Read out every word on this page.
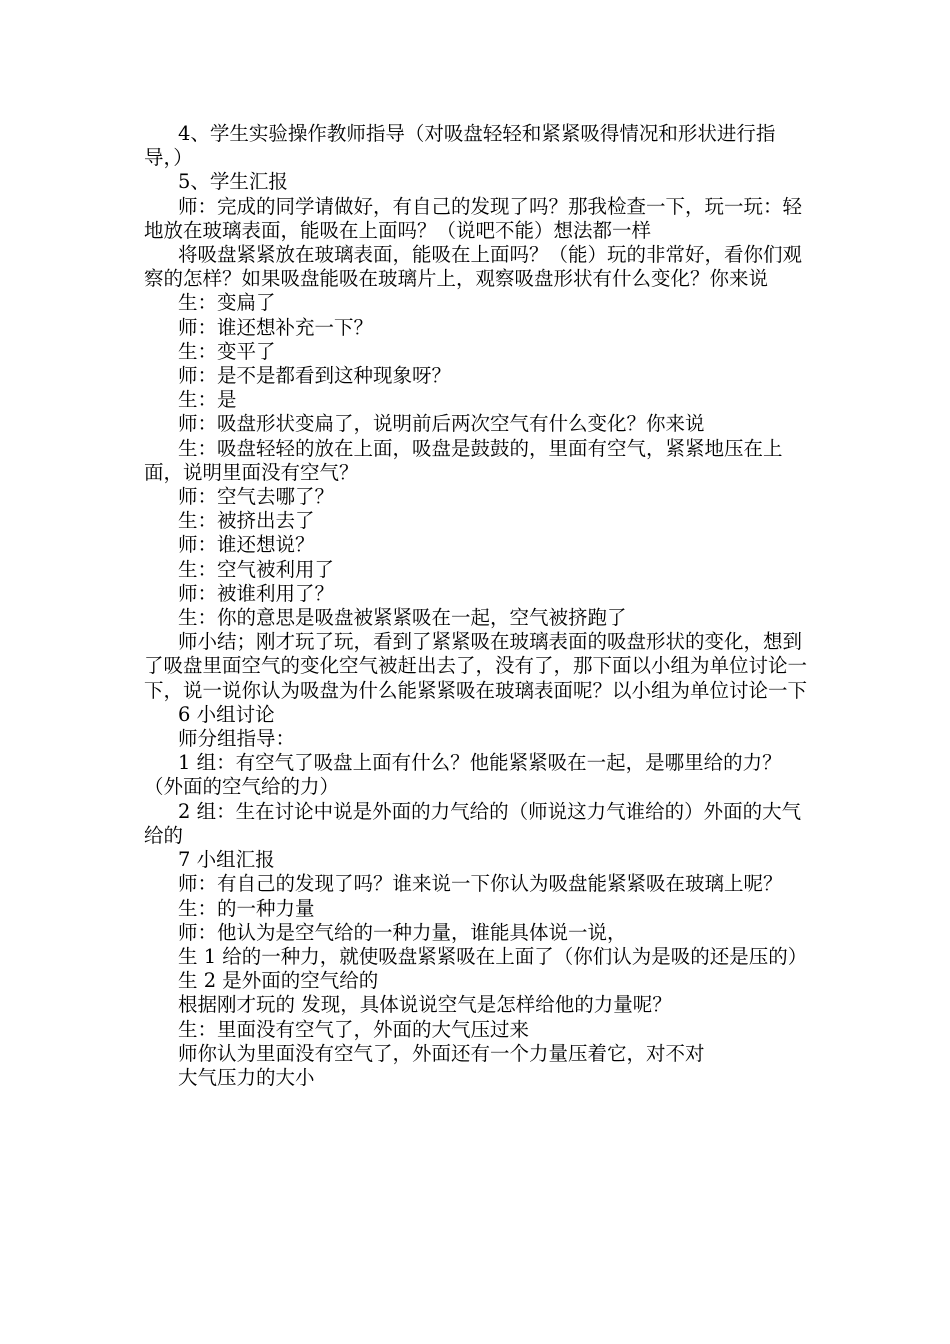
4、学生实验操作教师指导（对吸盘轻轻和紧紧吸得情况和形状进行指导，）

5、学生汇报

师：完成的同学请做好，有自己的发现了吗？那我检查一下，玩一玩：轻地放在玻璃表面，能吸在上面吗？（说吧不能）想法都一样

将吸盘紧紧放在玻璃表面，能吸在上面吗？（能）玩的非常好，看你们观察的怎样？如果吸盘能吸在玻璃片上，观察吸盘形状有什么变化？你来说

生：变扁了

师：谁还想补充一下？

生：变平了

师：是不是都看到这种现象呀？

生：是

师：吸盘形状变扁了，说明前后两次空气有什么变化？你来说

生：吸盘轻轻的放在上面，吸盘是鼓鼓的，里面有空气，紧紧地压在上面，说明里面没有空气？

师：空气去哪了？

生：被挤出去了

师：谁还想说？

生：空气被利用了

师：被谁利用了？

生：你的意思是吸盘被紧紧吸在一起，空气被挤跑了

师小结；刚才玩了玩，看到了紧紧吸在玻璃表面的吸盘形状的变化，想到了吸盘里面空气的变化空气被赶出去了，没有了，那下面以小组为单位讨论一下，说一说你认为吸盘为什么能紧紧吸在玻璃表面呢？以小组为单位讨论一下

6 小组讨论

师分组指导：

1 组：有空气了吸盘上面有什么？他能紧紧吸在一起，是哪里给的力？（外面的空气给的力）

2 组：生在讨论中说是外面的力气给的（师说这力气谁给的）外面的大气给的

7 小组汇报

师：有自己的发现了吗？谁来说一下你认为吸盘能紧紧吸在玻璃上呢？

生：的一种力量

师：他认为是空气给的一种力量，谁能具体说一说，

生 1 给的一种力，就使吸盘紧紧吸在上面了（你们认为是吸的还是压的）

生 2 是外面的空气给的

根据刚才玩的 发现，具体说说空气是怎样给他的力量呢？

生：里面没有空气了，外面的大气压过来

师你认为里面没有空气了，外面还有一个力量压着它，对不对

大气压力的大小
